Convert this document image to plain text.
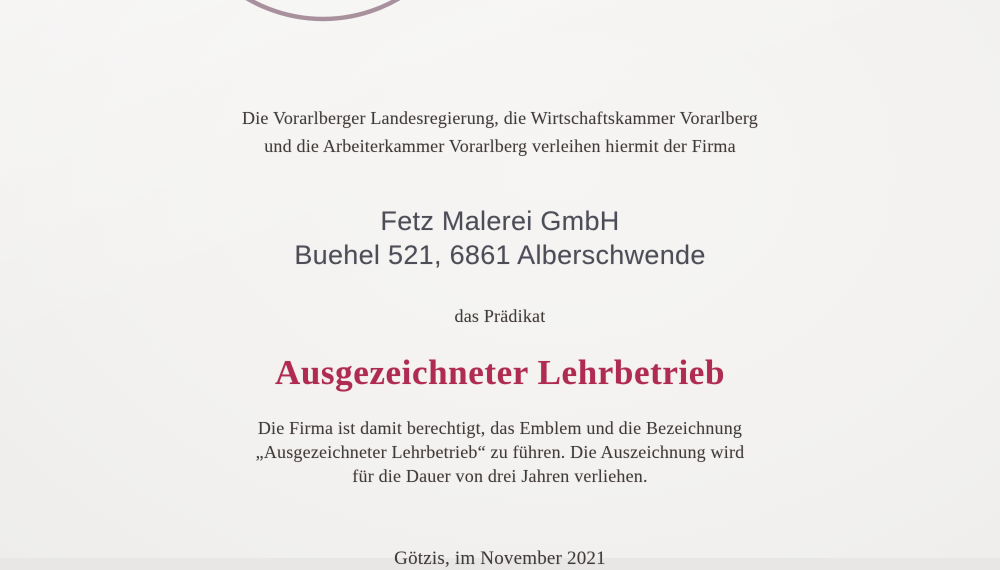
Die Vorarlberger Landesregierung, die Wirtschaftskammer Vorarlberg
und die Arbeiterkammer Vorarlberg verleihen hiermit der Firma

Fetz Malerei GmbH
Buehel 521, 6861 Alberschwende

das Prädikat

Ausgezeichneter Lehrbetrieb

Die Firma ist damit berechtigt, das Emblem und die Bezeichnung
„Ausgezeichneter Lehrbetrieb“ zu führen. Die Auszeichnung wird
für die Dauer von drei Jahren verliehen.

Götzis, im November 2021
